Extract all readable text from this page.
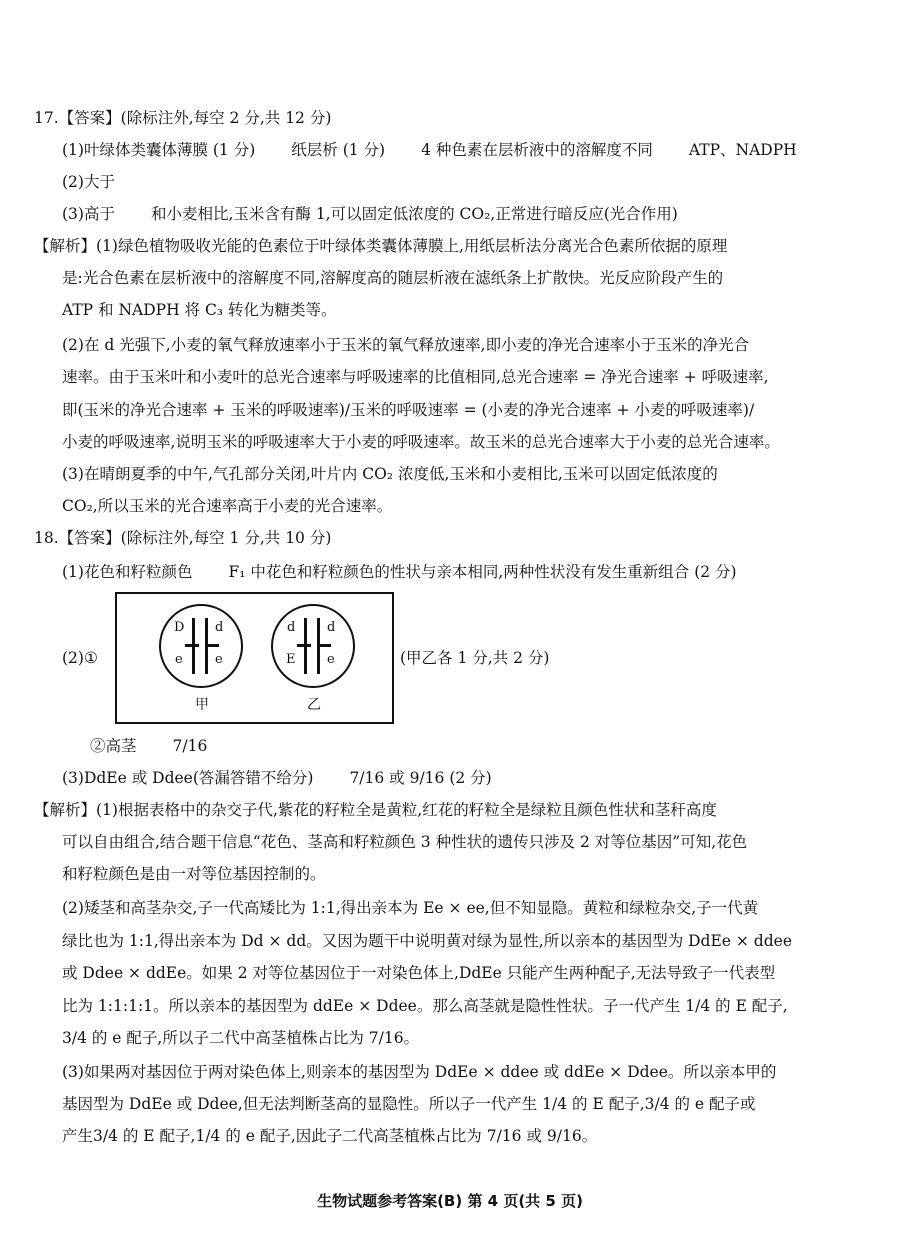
17.【答案】(除标注外,每空 2 分,共 12 分)
(1)叶绿体类囊体薄膜 (1 分) 纸层析 (1 分) 4 种色素在层析液中的溶解度不同 ATP、NADPH
(2)大于
(3)高于 和小麦相比,玉米含有酶 1,可以固定低浓度的 CO₂,正常进行暗反应(光合作用)
【解析】(1)绿色植物吸收光能的色素位于叶绿体类囊体薄膜上,用纸层析法分离光合色素所依据的原理
是:光合色素在层析液中的溶解度不同,溶解度高的随层析液在滤纸条上扩散快。光反应阶段产生的
ATP 和 NADPH 将 C₃ 转化为糖类等。
(2)在 d 光强下,小麦的氧气释放速率小于玉米的氧气释放速率,即小麦的净光合速率小于玉米的净光合
速率。由于玉米叶和小麦叶的总光合速率与呼吸速率的比值相同,总光合速率 = 净光合速率 + 呼吸速率,
即(玉米的净光合速率 + 玉米的呼吸速率)/玉米的呼吸速率 = (小麦的净光合速率 + 小麦的呼吸速率)/
小麦的呼吸速率,说明玉米的呼吸速率大于小麦的呼吸速率。故玉米的总光合速率大于小麦的总光合速率。
(3)在晴朗夏季的中午,气孔部分关闭,叶片内 CO₂ 浓度低,玉米和小麦相比,玉米可以固定低浓度的
CO₂,所以玉米的光合速率高于小麦的光合速率。
18.【答案】(除标注外,每空 1 分,共 10 分)
(1)花色和籽粒颜色 F₁ 中花色和籽粒颜色的性状与亲本相同,两种性状没有发生重新组合 (2 分)
(2)①
D d
e e
甲
d d
E e
乙
(甲乙各 1 分,共 2 分)
②高茎 7/16
(3)DdEe 或 Ddee(答漏答错不给分) 7/16 或 9/16 (2 分)
【解析】(1)根据表格中的杂交子代,紫花的籽粒全是黄粒,红花的籽粒全是绿粒且颜色性状和茎秆高度
可以自由组合,结合题干信息“花色、茎高和籽粒颜色 3 种性状的遗传只涉及 2 对等位基因”可知,花色
和籽粒颜色是由一对等位基因控制的。
(2)矮茎和高茎杂交,子一代高矮比为 1:1,得出亲本为 Ee × ee,但不知显隐。黄粒和绿粒杂交,子一代黄
绿比也为 1:1,得出亲本为 Dd × dd。又因为题干中说明黄对绿为显性,所以亲本的基因型为 DdEe × ddee
或 Ddee × ddEe。如果 2 对等位基因位于一对染色体上,DdEe 只能产生两种配子,无法导致子一代表型
比为 1:1:1:1。所以亲本的基因型为 ddEe × Ddee。那么高茎就是隐性性状。子一代产生 1/4 的 E 配子,
3/4 的 e 配子,所以子二代中高茎植株占比为 7/16。
(3)如果两对基因位于两对染色体上,则亲本的基因型为 DdEe × ddee 或 ddEe × Ddee。所以亲本甲的
基因型为 DdEe 或 Ddee,但无法判断茎高的显隐性。所以子一代产生 1/4 的 E 配子,3/4 的 e 配子或
产生3/4 的 E 配子,1/4 的 e 配子,因此子二代高茎植株占比为 7/16 或 9/16。
生物试题参考答案(B) 第 4 页(共 5 页)
